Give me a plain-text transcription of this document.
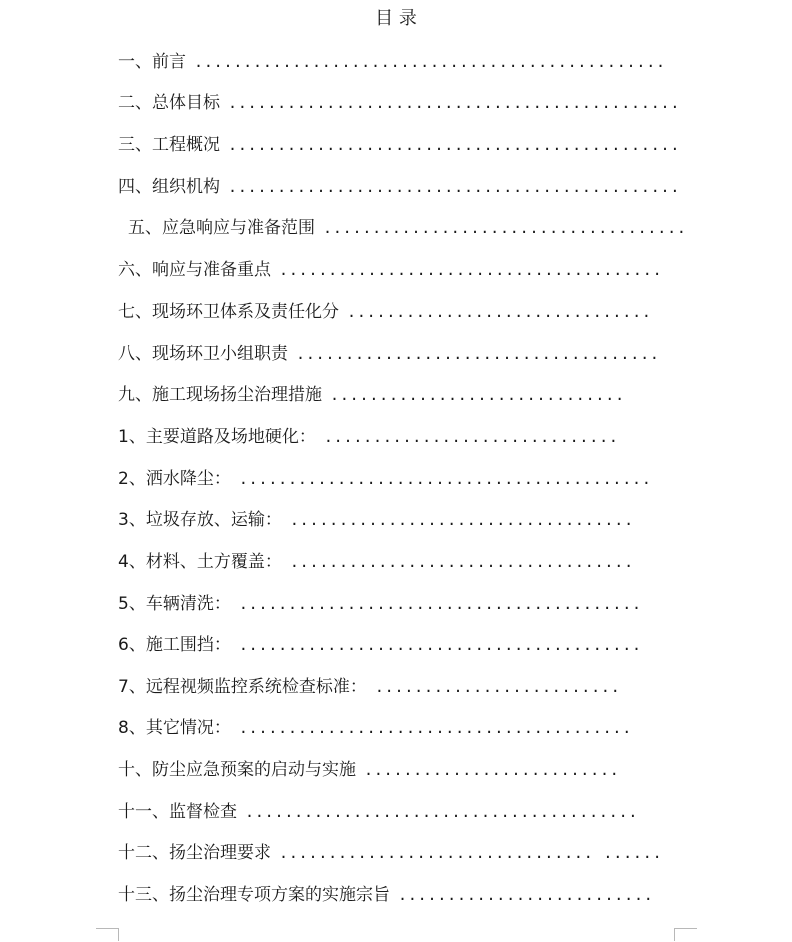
目 录
一、前言 ................................................
二、总体目标 ..............................................
三、工程概况 ..............................................
四、组织机构 ..............................................
五、应急响应与准备范围 .....................................
六、响应与准备重点 .......................................
七、现场环卫体系及责任化分 ...............................
八、现场环卫小组职责 .....................................
九、施工现场扬尘治理措施 ..............................
1、主要道路及场地硬化： ..............................
2、洒水降尘： ..........................................
3、垃圾存放、运输： ...................................
4、材料、土方覆盖： ...................................
5、车辆清洗： .........................................
6、施工围挡： .........................................
7、远程视频监控系统检查标准： .........................
8、其它情况： ........................................
十、防尘应急预案的启动与实施 ..........................
十一、监督检查 ........................................
十二、扬尘治理要求 ................................ ......
十三、扬尘治理专项方案的实施宗旨 ..........................
